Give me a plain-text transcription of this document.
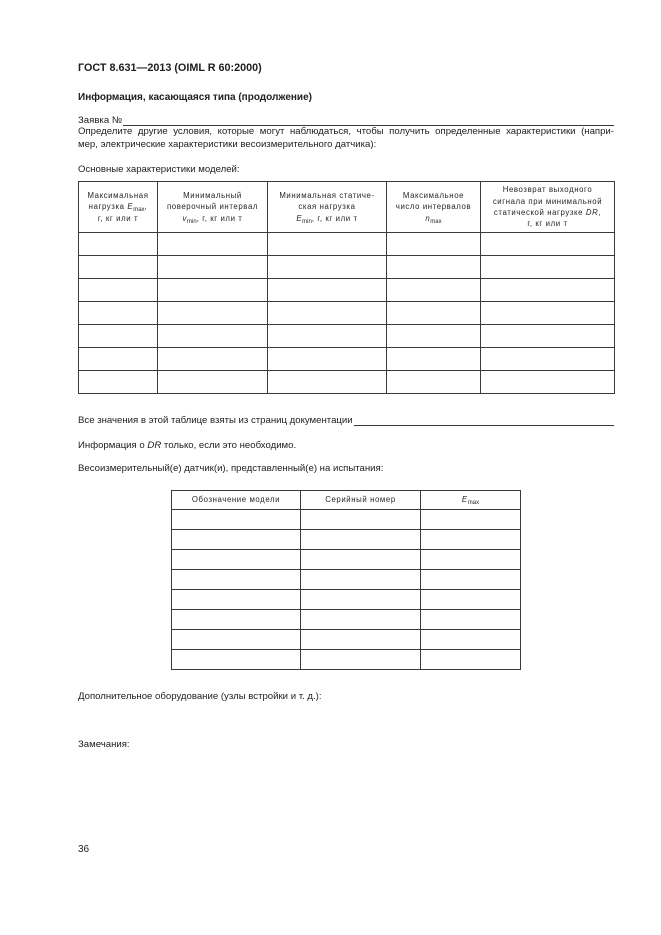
ГОСТ 8.631—2013 (OIML R 60:2000)
Информация, касающаяся типа (продолжение)
Заявка №
Определите другие условия, которые могут наблюдаться, чтобы получить определенные характеристики (напри-
мер, электрические характеристики весоизмерительного датчика):
Основные характеристики моделей:
Максимальная
нагрузка $E_{max}$,
г, кг или т	Минимальный
поверочный интервал
$v_{min}$, г, кг или т	Минимальная статиче-
ская нагрузка
$E_{min}$, г, кг или т	Максимальное
число интервалов
$n_{max}$	Невозврат выходного
сигнала при минимальной
статической нагрузке DR,
г, кг или т

Все значения в этой таблице взяты из страниц документации
Информация о DR только, если это необходимо.
Весоизмерительный(е) датчик(и), представленный(е) на испытания:
Обозначение модели	Серийный номер	$E_{max}$

Дополнительное оборудование (узлы встройки и т. д.):
Замечания:
36
